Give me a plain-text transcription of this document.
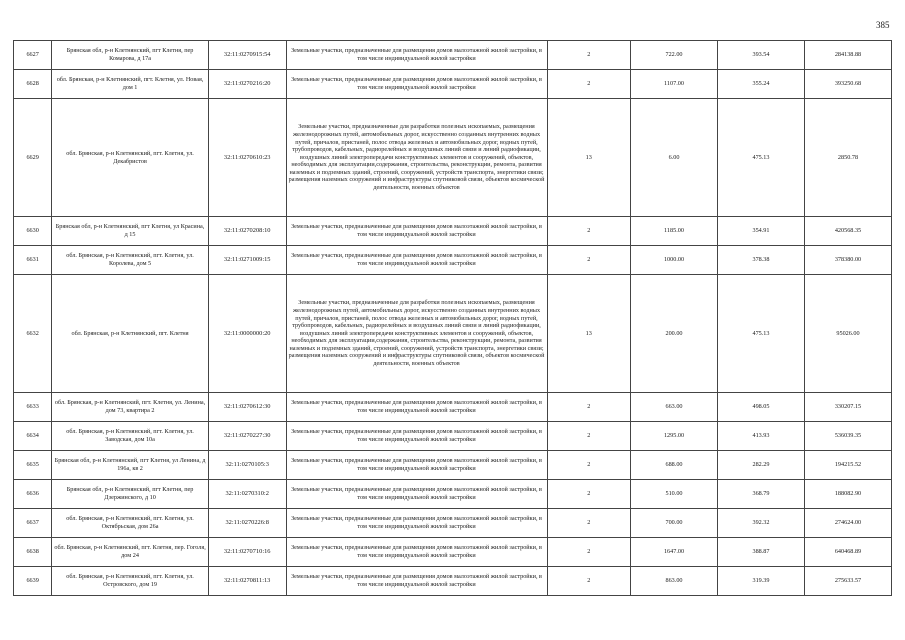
385
6627	Брянская обл, р-н Клетнянский, пгт Клетня, пер Комарова, д 17а	32:11:0270915:54	Земельные участки, предназначенные для размещения домов малоэтажной жилой застройки, в том числе индивидуальной жилой застройки	2	722.00	393.54	284138.88
6628	обл. Брянская, р-н Клетнянский, пгт. Клетня, ул. Новая, дом 1	32:11:0270216:20	Земельные участки, предназначенные для размещения домов малоэтажной жилой застройки, в том числе индивидуальной жилой застройки	2	1107.00	355.24	393250.68
6629	обл. Брянская, р-н Клетнянский, пгт. Клетня, ул. Декабристов	32:11:0270610:23	Земельные участки, предназначенные для разработки полезных ископаемых, размещения железнодорожных путей, автомобильных дорог, искусственно созданных внутренних водных путей, причалов, пристаней, полос отвода железных и автомобильных дорог, водных путей, трубопроводов, кабельных, радиорелейных и воздушных линий связи и линий радиофикации, воздушных линий электропередачи конструктивных элементов и сооружений, объектов, необходимых для эксплуатации,содержания, строительства, реконструкции, ремонта, развития наземных и подземных зданий, строений, сооружений, устройств транспорта, энергетики связи; размещения наземных сооружений и инфраструктуры спутниковой связи, объектов космической деятельности, военных объектов	13	6.00	475.13	2850.78
6630	Брянская обл, р-н Клетнянский, пгт Клетня, ул Красина, д 15	32:11:0270208:10	Земельные участки, предназначенные для размещения домов малоэтажной жилой застройки, в том числе индивидуальной жилой застройки	2	1185.00	354.91	420568.35
6631	обл. Брянская, р-н Клетнянский, пгт. Клетня, ул. Королева, дом 5	32:11:0271009:15	Земельные участки, предназначенные для размещения домов малоэтажной жилой застройки, в том числе индивидуальной жилой застройки	2	1000.00	378.38	378380.00
6632	обл. Брянская, р-н Клетнянский, пгт. Клетня	32:11:0000000:20	Земельные участки, предназначенные для разработки полезных ископаемых, размещения железнодорожных путей, автомобильных дорог, искусственно созданных внутренних водных путей, причалов, пристаней, полос отвода железных и автомобильных дорог, водных путей, трубопроводов, кабельных, радиорелейных и воздушных линий связи и линий радиофикации, воздушных линий электропередачи конструктивных элементов и сооружений, объектов, необходимых для эксплуатации,содержания, строительства, реконструкции, ремонта, развития наземных и подземных зданий, строений, сооружений, устройств транспорта, энергетики связи; размещения наземных сооружений и инфраструктуры спутниковой связи, объектов космической деятельности, военных объектов	13	200.00	475.13	95026.00
6633	обл. Брянская, р-н Клетнянский, пгт. Клетня, ул. Ленина, дом 73, квартира 2	32:11:0270612:30	Земельные участки, предназначенные для размещения домов малоэтажной жилой застройки, в том числе индивидуальной жилой застройки	2	663.00	498.05	330207.15
6634	обл. Брянская, р-н Клетнянский, пгт. Клетня, ул. Заводская, дом 10а	32:11:0270227:30	Земельные участки, предназначенные для размещения домов малоэтажной жилой застройки, в том числе индивидуальной жилой застройки	2	1295.00	413.93	536039.35
6635	Брянская обл, р-н Клетнянский, пгт Клетня, ул Ленина, д 196а, кв 2	32:11:0270105:3	Земельные участки, предназначенные для размещения домов малоэтажной жилой застройки, в том числе индивидуальной жилой застройки	2	688.00	282.29	194215.52
6636	Брянская обл, р-н Клетнянский, пгт Клетня, пер Дзержинского, д 10	32:11:0270310:2	Земельные участки, предназначенные для размещения домов малоэтажной жилой застройки, в том числе индивидуальной жилой застройки	2	510.00	368.79	188082.90
6637	обл. Брянская, р-н Клетнянский, пгт. Клетня, ул. Октябрьская, дом 26а	32:11:0270226:8	Земельные участки, предназначенные для размещения домов малоэтажной жилой застройки, в том числе индивидуальной жилой застройки	2	700.00	392.32	274624.00
6638	обл. Брянская, р-н Клетнянский, пгт. Клетня, пер. Гоголя, дом 24	32:11:0270710:16	Земельные участки, предназначенные для размещения домов малоэтажной жилой застройки, в том числе индивидуальной жилой застройки	2	1647.00	388.87	640468.89
6639	обл. Брянская, р-н Клетнянский, пгт. Клетня, ул. Островского, дом 19	32:11:0270811:13	Земельные участки, предназначенные для размещения домов малоэтажной жилой застройки, в том числе индивидуальной жилой застройки	2	863.00	319.39	275633.57
